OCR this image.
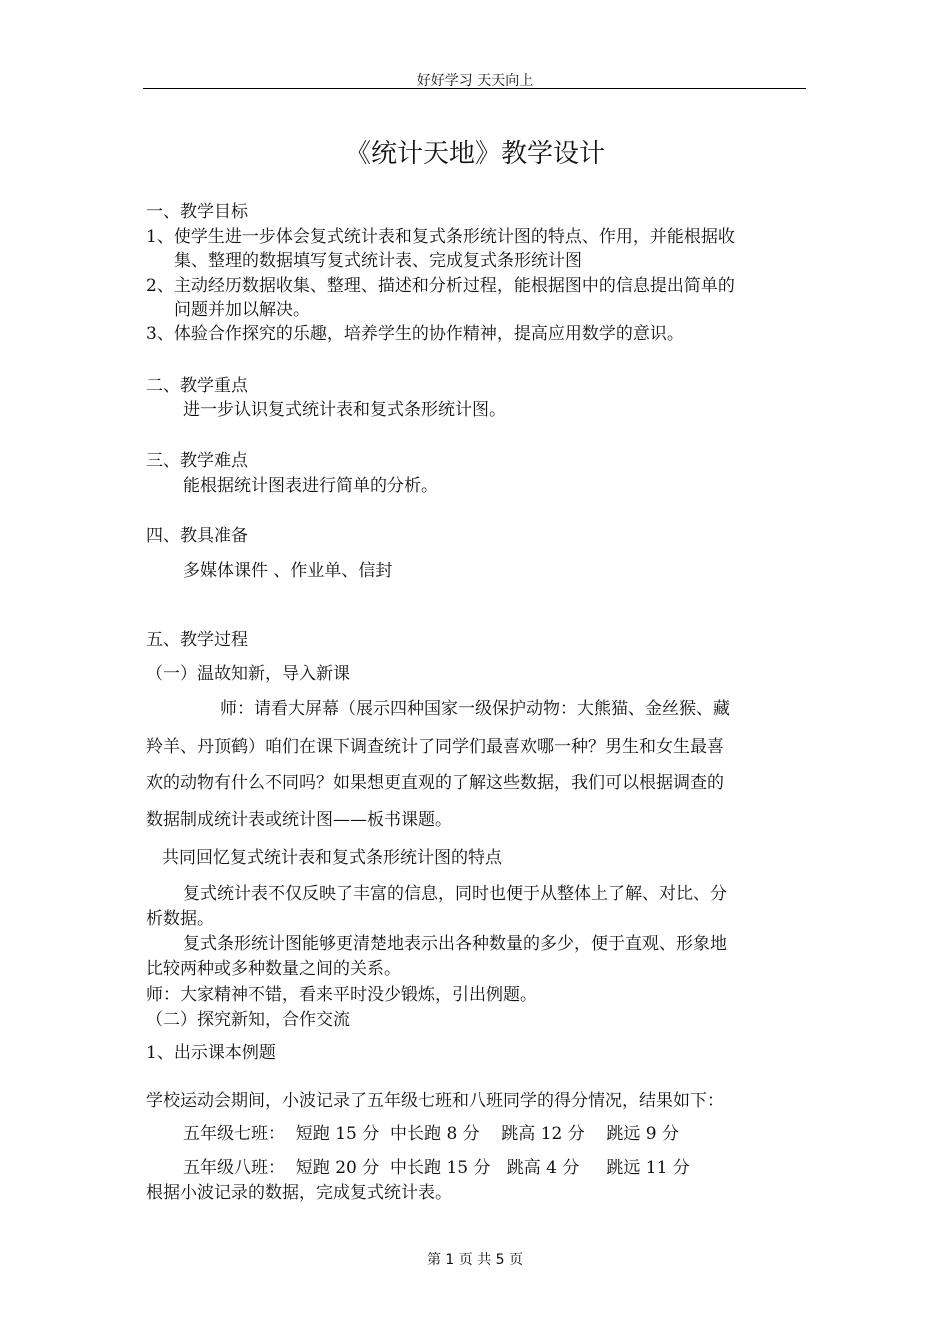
好好学习 天天向上
《统计天地》教学设计
一、教学目标
1、使学生进一步体会复式统计表和复式条形统计图的特点、作用，并能根据收
集、整理的数据填写复式统计表、完成复式条形统计图
2、主动经历数据收集、整理、描述和分析过程，能根据图中的信息提出简单的
问题并加以解决。
3、体验合作探究的乐趣，培养学生的协作精神，提高应用数学的意识。
二、教学重点
进一步认识复式统计表和复式条形统计图。
三、教学难点
能根据统计图表进行简单的分析。
四、教具准备
多媒体课件 、作业单、信封
五、教学过程
（一）温故知新，导入新课
师：请看大屏幕（展示四种国家一级保护动物：大熊猫、金丝猴、藏
羚羊、丹顶鹤）咱们在课下调查统计了同学们最喜欢哪一种？男生和女生最喜
欢的动物有什么不同吗？如果想更直观的了解这些数据，我们可以根据调查的
数据制成统计表或统计图——板书课题。
共同回忆复式统计表和复式条形统计图的特点
复式统计表不仅反映了丰富的信息，同时也便于从整体上了解、对比、分
析数据。
复式条形统计图能够更清楚地表示出各种数量的多少，便于直观、形象地
比较两种或多种数量之间的关系。
师：大家精神不错，看来平时没少锻炼，引出例题。
（二）探究新知，合作交流
1、出示课本例题
学校运动会期间，小波记录了五年级七班和八班同学的得分情况，结果如下：
五年级七班：  短跑 15 分  中长跑 8 分    跳高 12 分    跳远 9 分
五年级八班：  短跑 20 分  中长跑 15 分   跳高 4 分     跳远 11 分
根据小波记录的数据，完成复式统计表。
第 1 页 共 5 页
